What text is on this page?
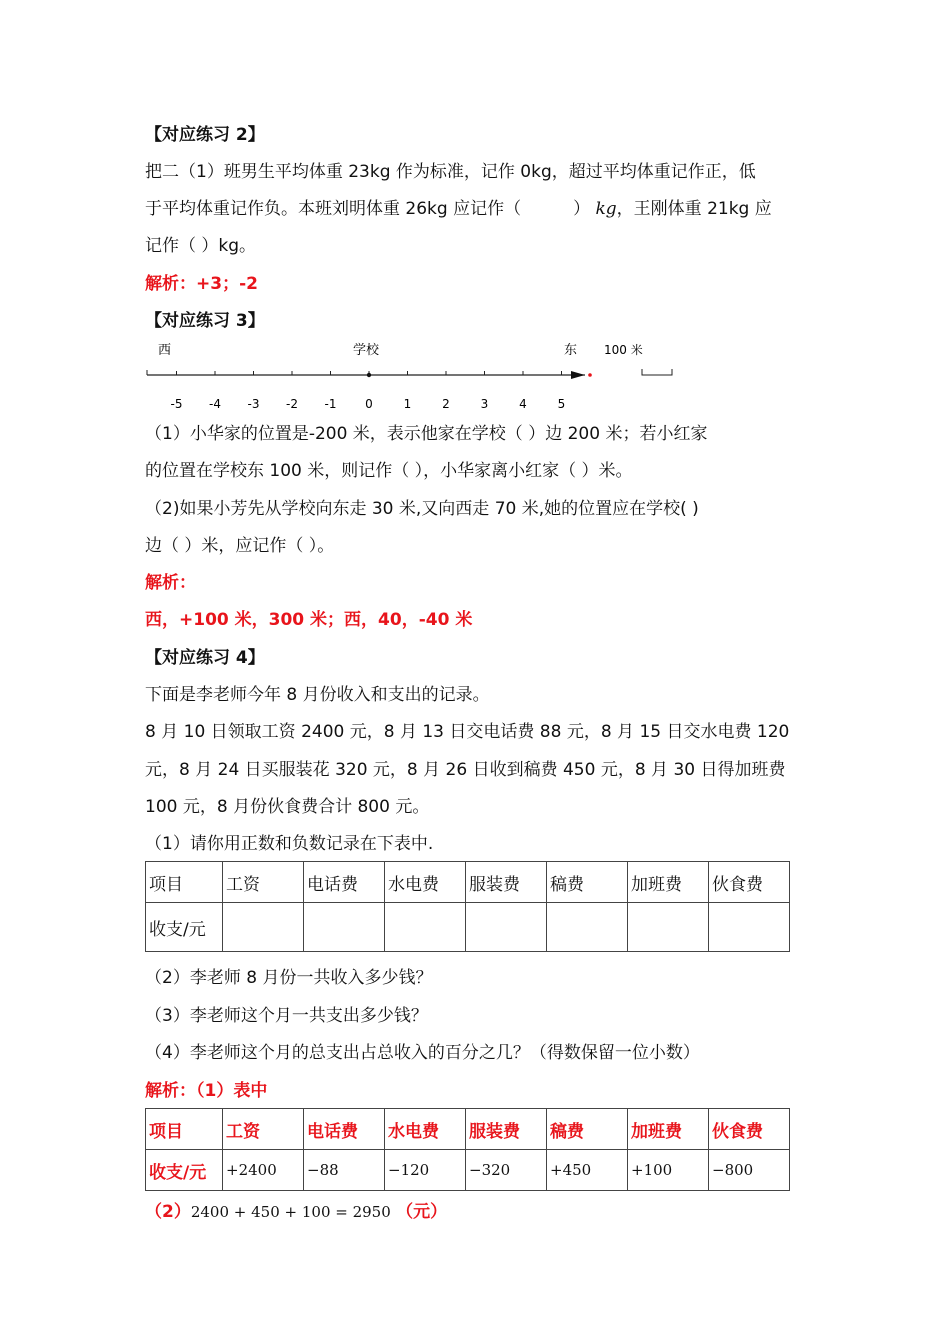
【对应练习 2】
把二（1）班男生平均体重 23kg 作为标准，记作 0kg，超过平均体重记作正，低
于平均体重记作负。本班刘明体重 26kg 应记作（	） kg，王刚体重 21kg 应
记作（ ）kg。
解析：+3；-2
【对应练习 3】
西	学校	东 100 米
-5 -4 -3 -2 -1 0	1	2	3	4	5
（1）小华家的位置是-200 米，表示他家在学校（ ）边 200 米；若小红家
的位置在学校东 100 米，则记作（ ），小华家离小红家（ ）米。
（2)如果小芳先从学校向东走 30 米,又向西走 70 米,她的位置应在学校( )
边（ ）米，应记作（ ）。
解析：
西，+100 米，300 米；西，40，-40 米
【对应练习 4】
下面是李老师今年 8 月份收入和支出的记录。
8 月 10 日领取工资 2400 元，8 月 13 日交电话费 88 元，8 月 15 日交水电费 120
元，8 月 24 日买服装花 320 元，8 月 26 日收到稿费 450 元，8 月 30 日得加班费
100 元，8 月份伙食费合计 800 元。
（1）请你用正数和负数记录在下表中.
项目	工资	电话费	水电费	服装费	稿费	加班费	伙食费
收支/元							
（2）李老师 8 月份一共收入多少钱？
（3）李老师这个月一共支出多少钱？
（4）李老师这个月的总支出占总收入的百分之几？（得数保留一位小数）
解析：（1）表中
项目	工资	电话费	水电费	服装费	稿费	加班费	伙食费
收支/元	+2400	−88	−120	−320	+450	+100	−800
（2）2400 + 450 + 100 = 2950 （元）
